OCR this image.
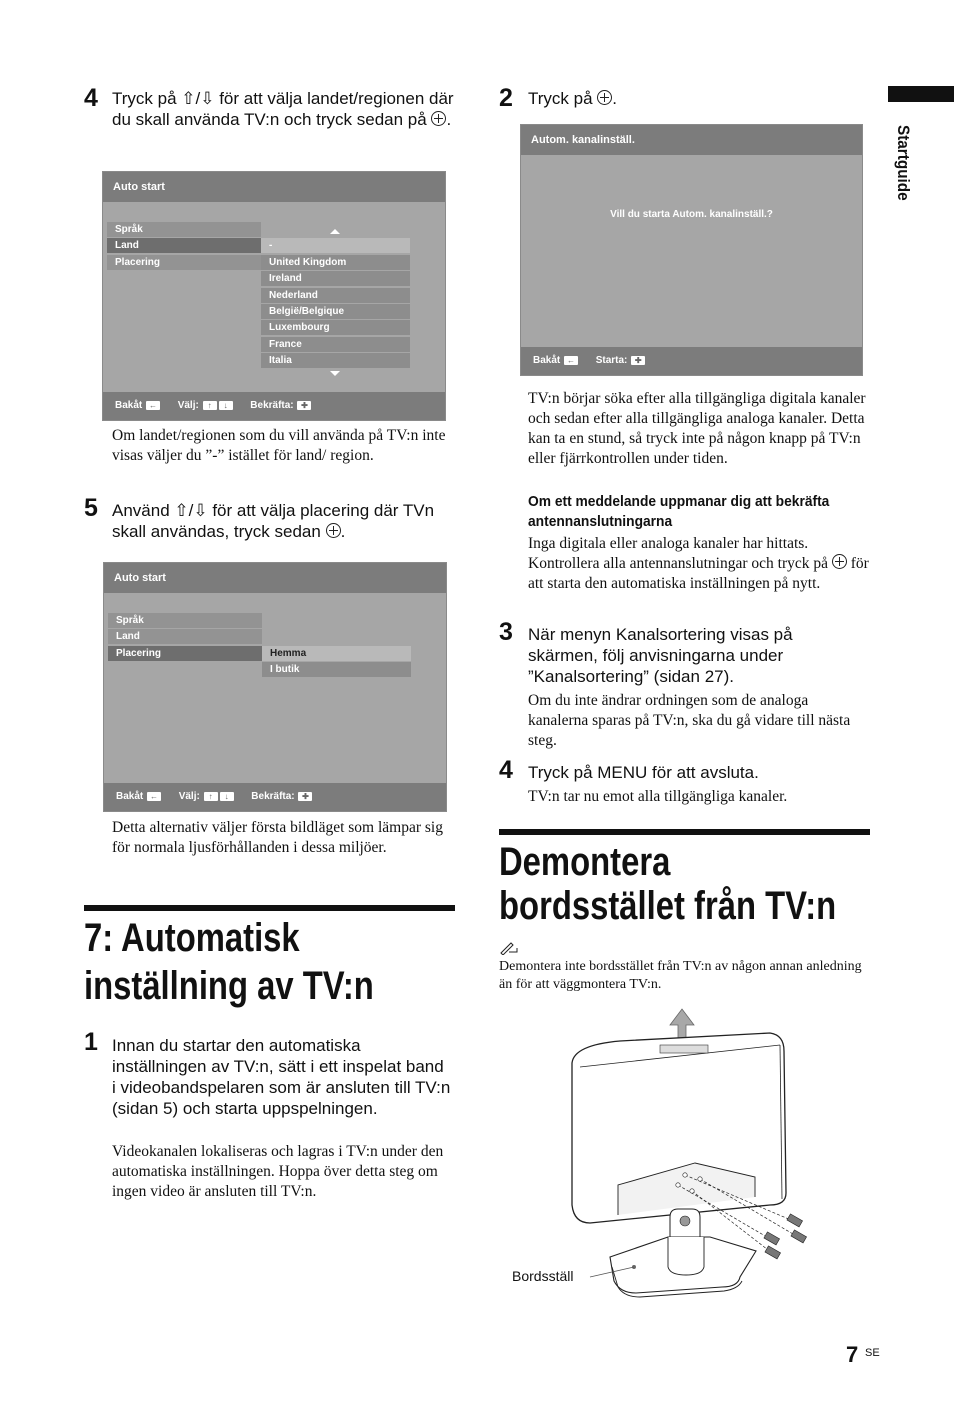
Startguide
4 Tryck på ⇧/⇩ för att välja landet/regionen där du skall använda TV:n och tryck sedan på .
Auto start
Språk
Land
Placering
-
United Kingdom
Ireland
Nederland
België/Belgique
Luxembourg
France
Italia
Bakåt ← Välj: ↑ ↓ Bekräfta: ✚
Om landet/regionen som du vill använda på TV:n inte visas väljer du ”-” istället för land/ region.
5 Använd ⇧/⇩ för att välja placering där TVn skall användas, tryck sedan .
Auto start
Språk
Land
Placering	Hemma
I butik
Bakåt ← Välj: ↑ ↓ Bekräfta: ✚
Detta alternativ väljer första bildläget som lämpar sig för normala ljusförhållanden i dessa miljöer.
7: Automatisk
inställning av TV:n
1 Innan du startar den automatiska inställningen av TV:n, sätt i ett inspelat band i videobandspelaren som är ansluten till TV:n (sidan 5) och starta uppspelningen.
Videokanalen lokaliseras och lagras i TV:n under den automatiska inställningen. Hoppa över detta steg om ingen video är ansluten till TV:n.
2 Tryck på .
Autom. kanalinställ.
Vill du starta Autom. kanalinställ.?
Bakåt ← Starta: ✚
TV:n börjar söka efter alla tillgängliga digitala kanaler och sedan efter alla tillgängliga analoga kanaler. Detta kan ta en stund, så tryck inte på någon knapp på TV:n eller fjärrkontrollen under tiden.
Om ett meddelande uppmanar dig att bekräfta antennanslutningarna
Inga digitala eller analoga kanaler har hittats. Kontrollera alla antennanslutningar och tryck på för att starta den automatiska inställningen på nytt.
3 När menyn Kanalsortering visas på skärmen, följ anvisningarna under ”Kanalsortering” (sidan 27).
Om du inte ändrar ordningen som de analoga kanalerna sparas på TV:n, ska du gå vidare till nästa steg.
4 Tryck på MENU för att avsluta.
TV:n tar nu emot alla tillgängliga kanaler.
Demontera
bordsstället från TV:n
Demontera inte bordsstället från TV:n av någon annan anledning än för att väggmontera TV:n.
Bordsställ
7 SE
